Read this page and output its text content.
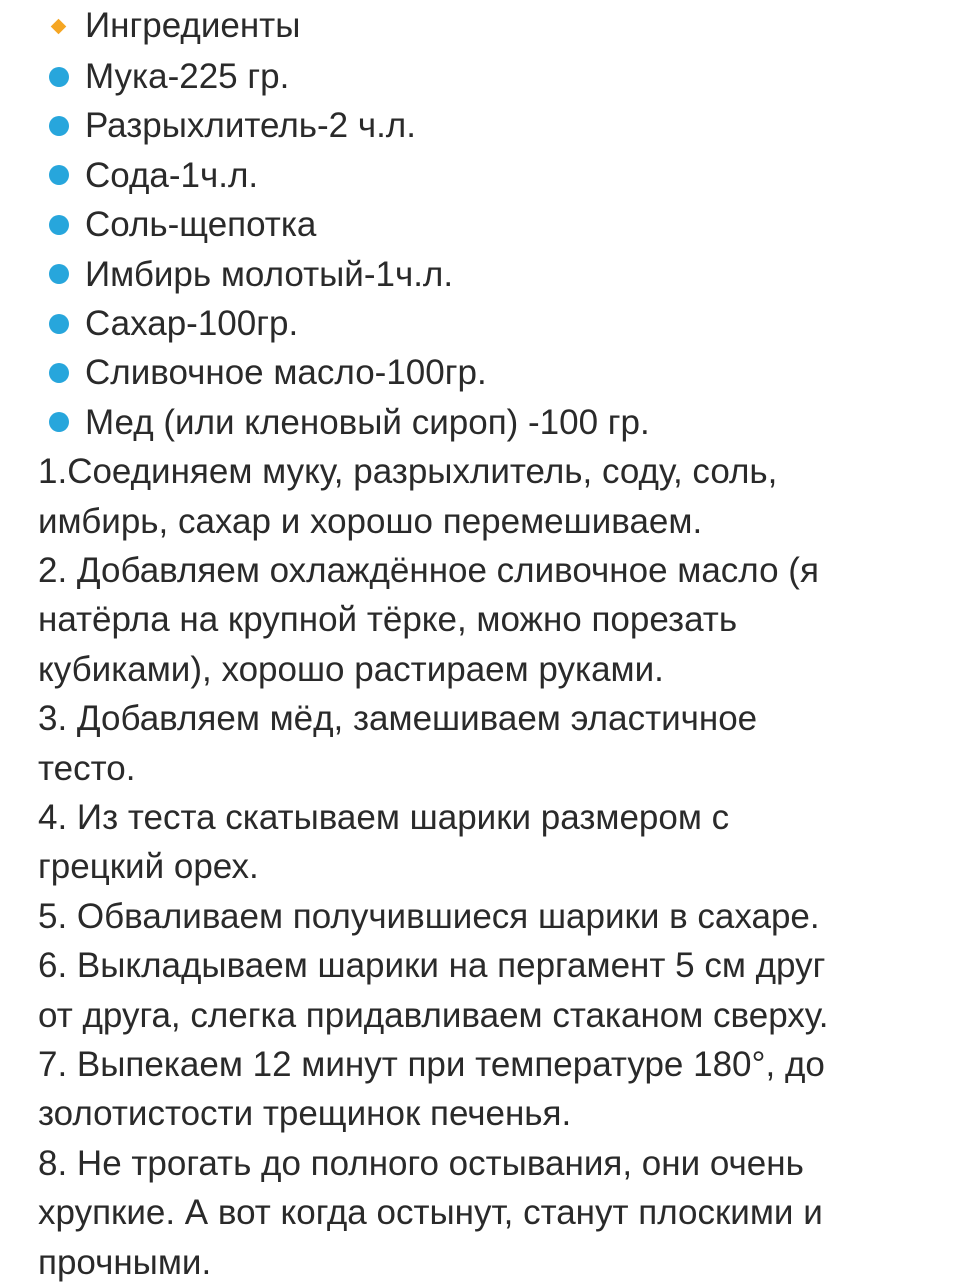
Ингредиенты
Мука-225 гр.
Разрыхлитель-2 ч.л.
Сода-1ч.л.
Соль-щепотка
Имбирь молотый-1ч.л.
Сахар-100гр.
Сливочное масло-100гр.
Мед (или кленовый сироп) -100 гр.

1.Соединяем муку, разрыхлитель, соду, соль,
имбирь, сахар и хорошо перемешиваем.

2. Добавляем охлаждённое сливочное масло (я
натёрла на крупной тёрке, можно порезать
кубиками), хорошо растираем руками.

3. Добавляем мёд, замешиваем эластичное
тесто.

4. Из теста скатываем шарики размером с
грецкий орех.

5. Обваливаем получившиеся шарики в сахаре.

6. Выкладываем шарики на пергамент 5 см друг
от друга, слегка придавливаем стаканом сверху.

7. Выпекаем 12 минут при температуре 180°, до
золотистости трещинок печенья.

8. Не трогать до полного остывания, они очень
хрупкие. А вот когда остынут, станут плоскими и
прочными.
